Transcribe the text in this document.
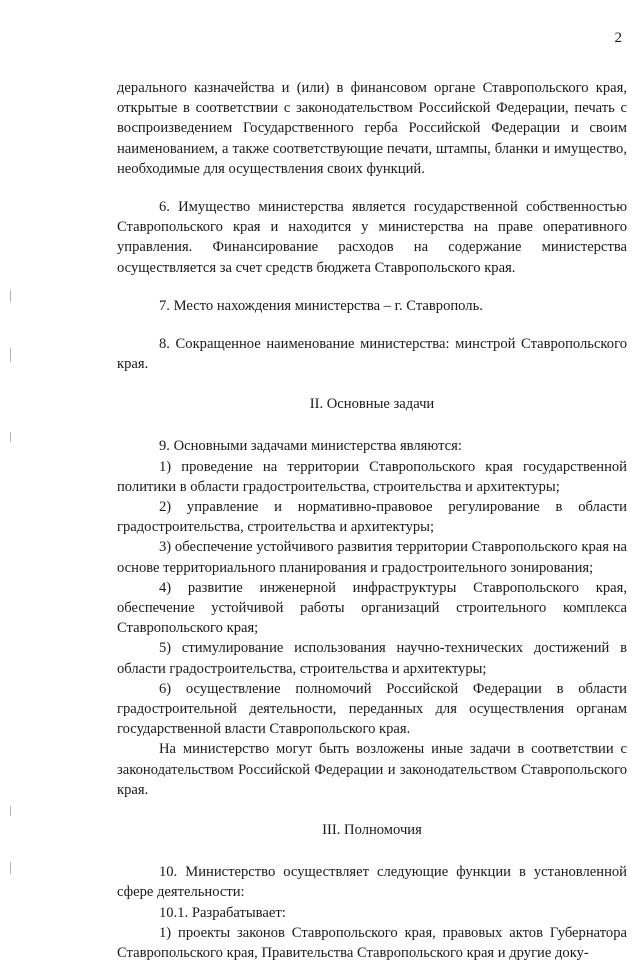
2

дерального казначейства и (или) в финансовом органе Ставропольского края, открытые в соответствии с законодательством Российской Федерации, печать с воспроизведением Государственного герба Российской Федерации и своим наименованием, а также соответствующие печати, штампы, бланки и имущество, необходимые для осуществления своих функций.

6. Имущество министерства является государственной собственностью Ставропольского края и находится у министерства на праве оперативного управления. Финансирование расходов на содержание министерства осуществляется за счет средств бюджета Ставропольского края.

7. Место нахождения министерства – г. Ставрополь.

8. Сокращенное наименование министерства: минстрой Ставропольского края.

II. Основные задачи

9. Основными задачами министерства являются:

1) проведение на территории Ставропольского края государственной политики в области градостроительства, строительства и архитектуры;

2) управление и нормативно-правовое регулирование в области градостроительства, строительства и архитектуры;

3) обеспечение устойчивого развития территории Ставропольского края на основе территориального планирования и градостроительного зонирования;

4) развитие инженерной инфраструктуры Ставропольского края, обеспечение устойчивой работы организаций строительного комплекса Ставропольского края;

5) стимулирование использования научно-технических достижений в области градостроительства, строительства и архитектуры;

6) осуществление полномочий Российской Федерации в области градостроительной деятельности, переданных для осуществления органам государственной власти Ставропольского края.

На министерство могут быть возложены иные задачи в соответствии с законодательством Российской Федерации и законодательством Ставропольского края.

III. Полномочия

10. Министерство осуществляет следующие функции в установленной сфере деятельности:

10.1. Разрабатывает:

1) проекты законов Ставропольского края, правовых актов Губернатора Ставропольского края, Правительства Ставропольского края и другие доку-
